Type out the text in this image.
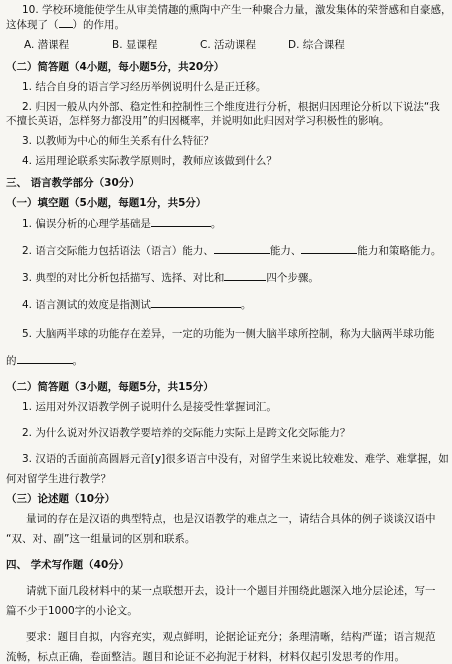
10. 学校环境能使学生从审美情趣的熏陶中产生一种聚合力量，激发集体的荣誉感和自豪感，
这体现了（ ）的作用。
A. 潜课程	B. 显课程	C. 活动课程	D. 综合课程
（二）简答题（4小题，每小题5分，共20分）
1. 结合自身的语言学习经历举例说明什么是正迁移。
2. 归因一般从内外部、稳定性和控制性三个维度进行分析，根据归因理论分析以下说法“我
不擅长英语，怎样努力都没用”的归因概率，并说明如此归因对学习积极性的影响。
3. 以教师为中心的师生关系有什么特征？
4. 运用理论联系实际教学原则时，教师应该做到什么？
三、 语言教学部分（30分）
（一）填空题（5小题，每题1分，共5分）
1. 偏误分析的心理学基础是	。
2. 语言交际能力包括语法（语言）能力、	能力、	能力和策略能力。
3. 典型的对比分析包括描写、选择、对比和	四个步骤。
4. 语言测试的效度是指测试	。
5. 大脑两半球的功能存在差异，一定的功能为一侧大脑半球所控制，称为大脑两半球功能
的	。
（二）简答题（3小题，每题5分，共15分）
1. 运用对外汉语教学例子说明什么是接受性掌握词汇。
2. 为什么说对外汉语教学要培养的交际能力实际上是跨文化交际能力？
3. 汉语的舌面前高圆唇元音[y]很多语言中没有，对留学生来说比较难发、难学、难掌握，如
何对留学生进行教学？
（三）论述题（10分）
量词的存在是汉语的典型特点，也是汉语教学的难点之一，请结合具体的例子谈谈汉语中
“双、对、副”这一组量词的区别和联系。
四、 学术写作题（40分）
请就下面几段材料中的某一点联想开去，设计一个题目并围绕此题深入地分层论述，写一
篇不少于1000字的小论文。
要求：题目自拟，内容充实，观点鲜明，论据论证充分；条理清晰，结构严谨；语言规范
流畅，标点正确，卷面整洁。题目和论证不必拘泥于材料，材料仅起引发思考的作用。
